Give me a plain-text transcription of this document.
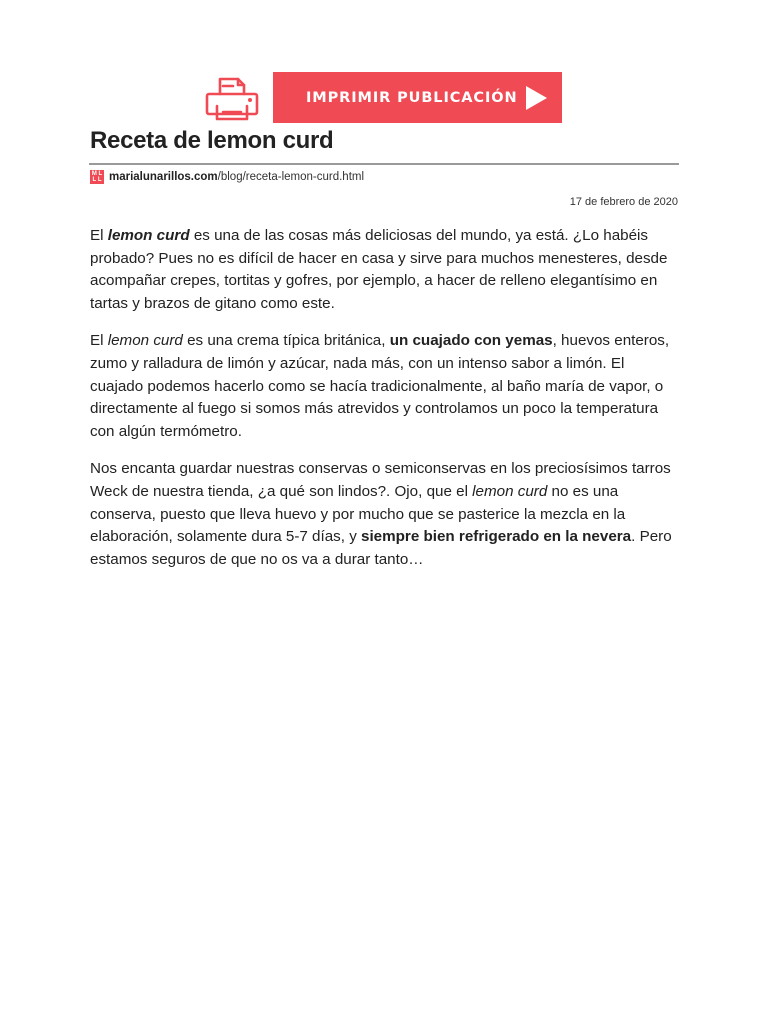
IMPRIMIR PUBLICACIÓN
Receta de lemon curd
M L
L L marialunarillos.com /blog/receta-lemon-curd.html
17 de febrero de 2020

El lemon curd es una de las cosas más deliciosas del mundo, ya está. ¿Lo habéis probado? Pues no es difícil de hacer en casa y sirve para muchos menesteres, desde acompañar crepes, tortitas y gofres, por ejemplo, a hacer de relleno elegantísimo en tartas y brazos de gitano como este.

El lemon curd es una crema típica británica, un cuajado con yemas, huevos enteros, zumo y ralladura de limón y azúcar, nada más, con un intenso sabor a limón. El cuajado podemos hacerlo como se hacía tradicionalmente, al baño maría de vapor, o directamente al fuego si somos más atrevidos y controlamos un poco la temperatura con algún termómetro.

Nos encanta guardar nuestras conservas o semiconservas en los preciosísimos tarros Weck de nuestra tienda, ¿a qué son lindos?. Ojo, que el lemon curd no es una conserva, puesto que lleva huevo y por mucho que se pasterice la mezcla en la elaboración, solamente dura 5-7 días, y siempre bien refrigerado en la nevera. Pero estamos seguros de que no os va a durar tanto…
